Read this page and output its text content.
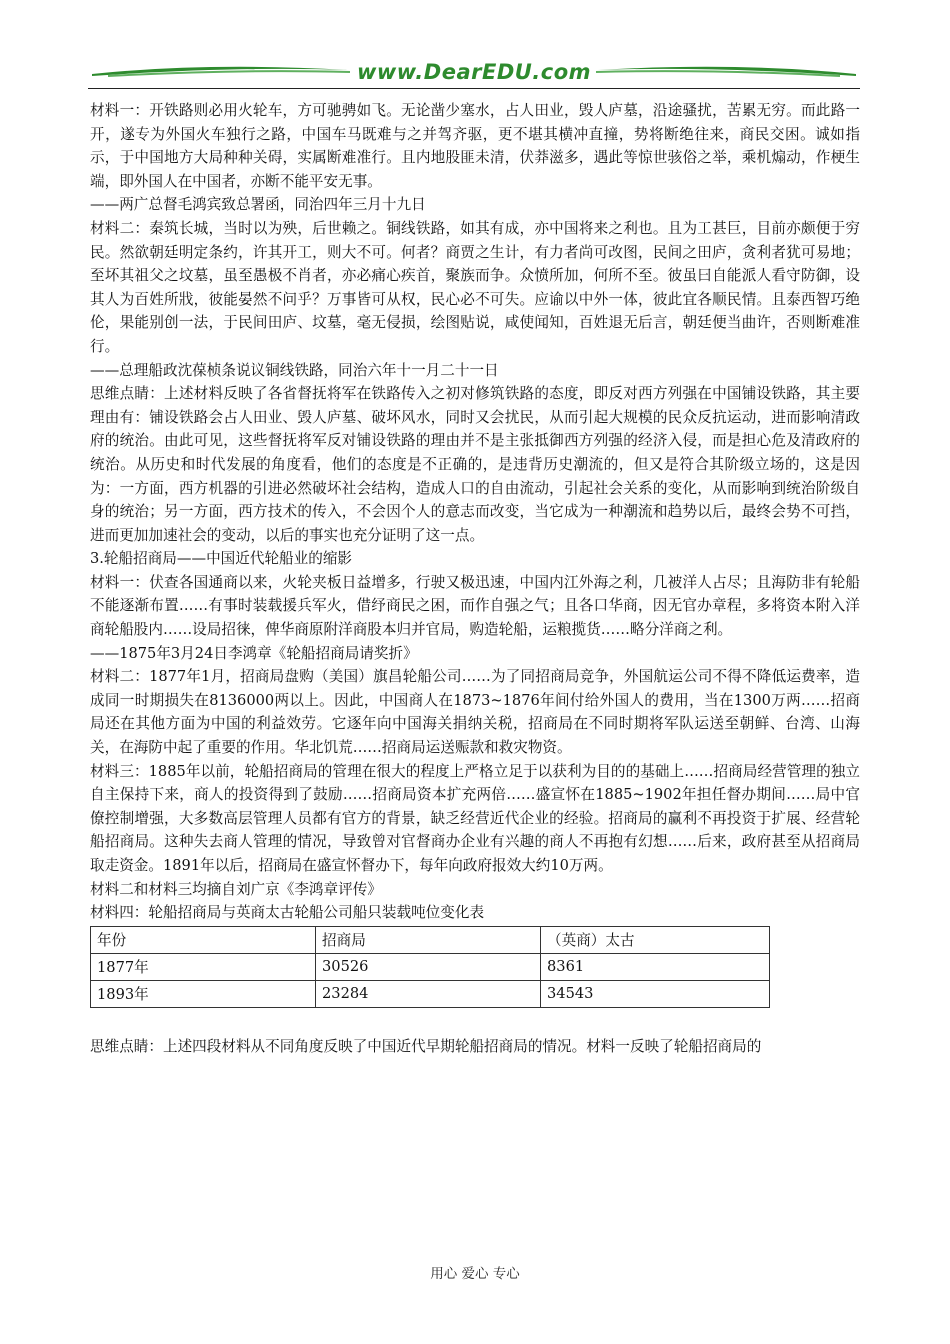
www.DearEDU.com

材料一：开铁路则必用火轮车，方可驰骋如飞。无论凿少塞水，占人田业，毁人庐墓，沿途骚扰，苦累无穷。而此路一开，遂专为外国火车独行之路，中国车马既难与之并驾齐驱，更不堪其横冲直撞，势将断绝往来，商民交困。诚如指示，于中国地方大局种种关碍，实属断难准行。且内地股匪未清，伏莽滋多，遇此等惊世骇俗之举，乘机煽动，作梗生端，即外国人在中国者，亦断不能平安无事。

——两广总督毛鸿宾致总署函，同治四年三月十九日

材料二：秦筑长城，当时以为殃，后世赖之。铜线铁路，如其有成，亦中国将来之利也。且为工甚巨，目前亦颇便于穷民。然欲朝廷明定条约，许其开工，则大不可。何者？商贾之生计，有力者尚可改图，民间之田庐，贪利者犹可易地；至坏其祖父之坟墓，虽至愚极不肖者，亦必痛心疾首，聚族而争。众愤所加，何所不至。彼虽曰自能派人看守防御，设其人为百姓所戕，彼能晏然不问乎？万事皆可从权，民心必不可失。应谕以中外一体，彼此宜各顺民情。且泰西智巧绝伦，果能别创一法，于民间田庐、坟墓，毫无侵损，绘图贴说，咸使闻知，百姓退无后言，朝廷便当曲许，否则断难准行。

——总理船政沈葆桢条说议铜线铁路，同治六年十一月二十一日

思维点睛：上述材料反映了各省督抚将军在铁路传入之初对修筑铁路的态度，即反对西方列强在中国铺设铁路，其主要理由有：铺设铁路会占人田业、毁人庐墓、破坏风水，同时又会扰民，从而引起大规模的民众反抗运动，进而影响清政府的统治。由此可见，这些督抚将军反对铺设铁路的理由并不是主张抵御西方列强的经济入侵，而是担心危及清政府的统治。从历史和时代发展的角度看，他们的态度是不正确的，是违背历史潮流的，但又是符合其阶级立场的，这是因为：一方面，西方机器的引进必然破坏社会结构，造成人口的自由流动，引起社会关系的变化，从而影响到统治阶级自身的统治；另一方面，西方技术的传入，不会因个人的意志而改变，当它成为一种潮流和趋势以后，最终会势不可挡，进而更加加速社会的变动，以后的事实也充分证明了这一点。

3.轮船招商局——中国近代轮船业的缩影

材料一：伏查各国通商以来，火轮夹板日益增多，行驶又极迅速，中国内江外海之利，几被洋人占尽；且海防非有轮船不能逐渐布置……有事时装载援兵军火，借纾商民之困，而作自强之气；且各口华商，因无官办章程，多将资本附入洋商轮船股内……设局招徕，俾华商原附洋商股本归并官局，购造轮船，运粮揽货……略分洋商之利。

——1875年3月24日李鸿章《轮船招商局请奖折》

材料二：1877年1月，招商局盘购（美国）旗昌轮船公司……为了同招商局竞争，外国航运公司不得不降低运费率，造成同一时期损失在8136000两以上。因此，中国商人在1873~1876年间付给外国人的费用，当在1300万两……招商局还在其他方面为中国的利益效劳。它逐年向中国海关捐纳关税，招商局在不同时期将军队运送至朝鲜、台湾、山海关，在海防中起了重要的作用。华北饥荒……招商局运送赈款和救灾物资。

材料三：1885年以前，轮船招商局的管理在很大的程度上严格立足于以获利为目的的基础上……招商局经营管理的独立自主保持下来，商人的投资得到了鼓励……招商局资本扩充两倍……盛宣怀在1885~1902年担任督办期间……局中官僚控制增强，大多数高层管理人员都有官方的背景，缺乏经营近代企业的经验。招商局的赢利不再投资于扩展、经营轮船招商局。这种失去商人管理的情况，导致曾对官督商办企业有兴趣的商人不再抱有幻想……后来，政府甚至从招商局取走资金。1891年以后，招商局在盛宣怀督办下，每年向政府报效大约10万两。

材料二和材料三均摘自刘广京《李鸿章评传》

材料四：轮船招商局与英商太古轮船公司船只装载吨位变化表

年份	招商局	（英商）太古
1877年	30526	8361
1893年	23284	34543

思维点睛：上述四段材料从不同角度反映了中国近代早期轮船招商局的情况。材料一反映了轮船招商局的

用心 爱心 专心
